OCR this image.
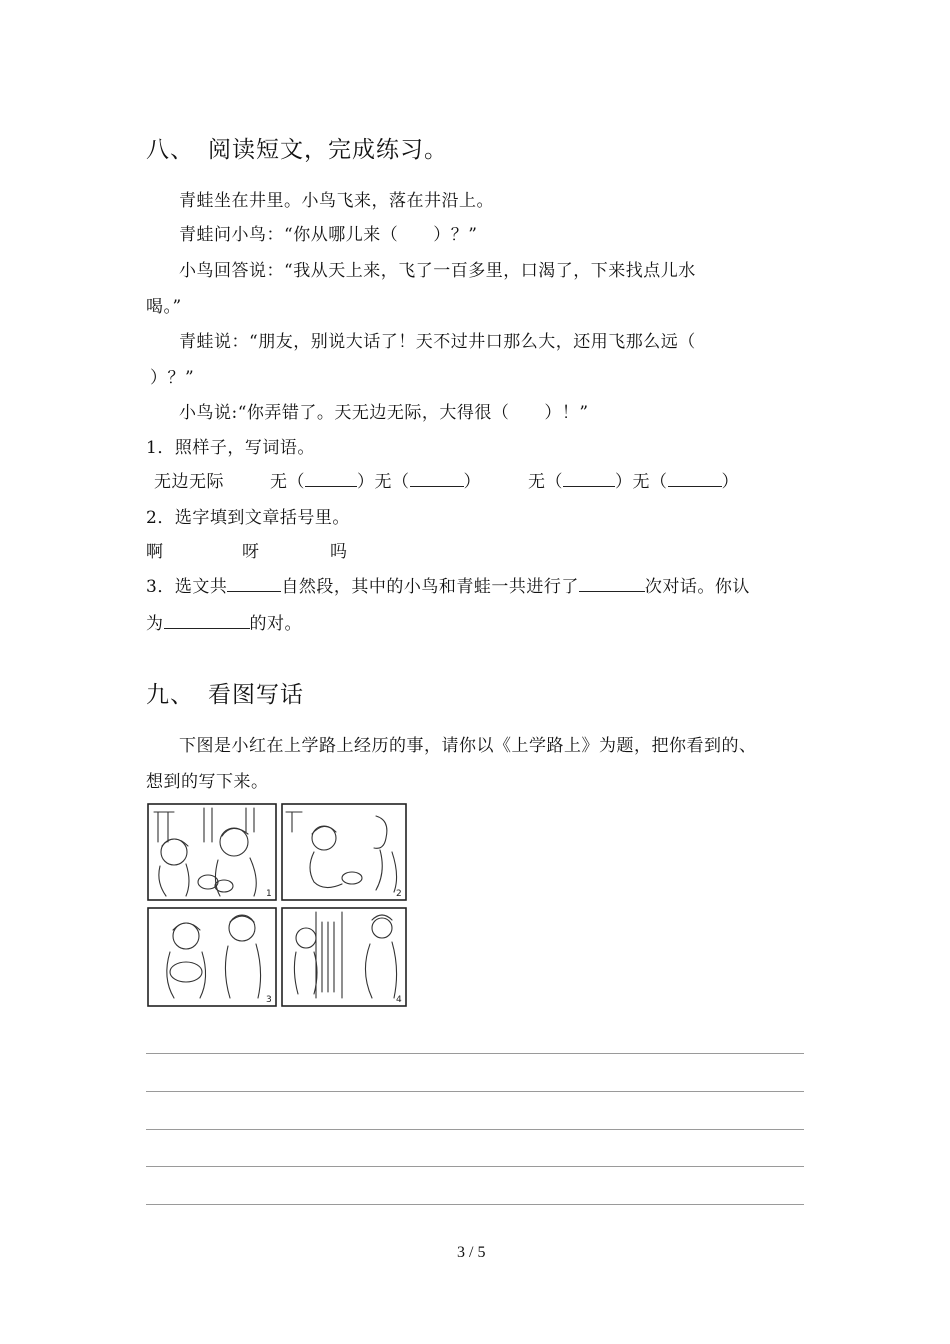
八、 阅读短文，完成练习。
青蛙坐在井里。小鸟飞来，落在井沿上。
青蛙问小鸟：“你从哪儿来（　　）？”
小鸟回答说：“我从天上来，飞了一百多里，口渴了，下来找点儿水
喝。”
青蛙说：“朋友，别说大话了！天不过井口那么大，还用飞那么远（
）？”
小鸟说:“你弄错了。天无边无际，大得很（　　）！”
1．照样子，写词语。
无边无际	无（	）无（	）	无（	）无（	）
2．选字填到文章括号里。
啊	呀	吗
3．选文共	自然段，其中的小鸟和青蛙一共进行了	次对话。你认
为	的对。
九、 看图写话
下图是小红在上学路上经历的事，请你以《上学路上》为题，把你看到的、
想到的写下来。
1	2
3	4
3 / 5
